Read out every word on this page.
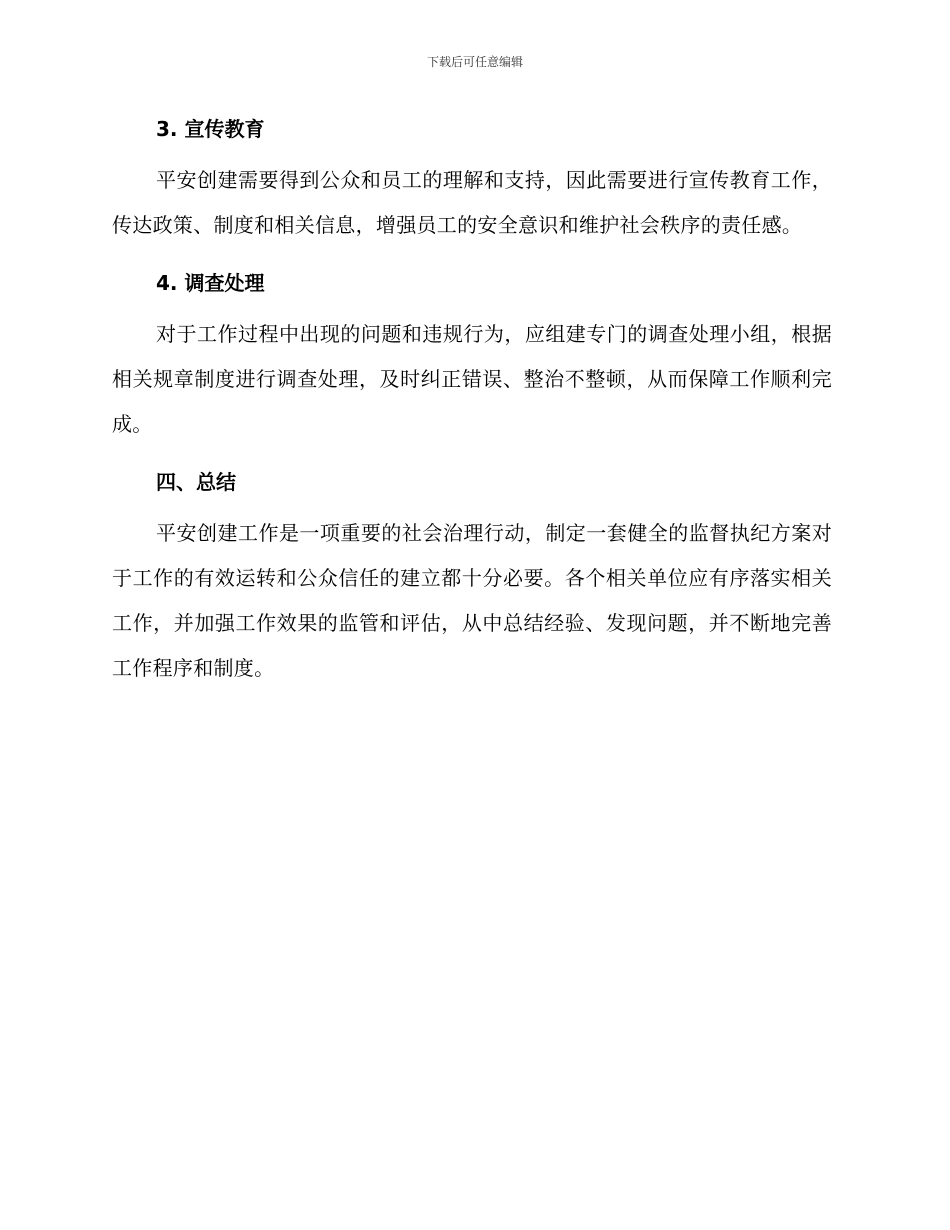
下载后可任意编辑
3. 宣传教育

平安创建需要得到公众和员工的理解和支持，因此需要进行宣传教育工作，传达政策、制度和相关信息，增强员工的安全意识和维护社会秩序的责任感。

4. 调查处理

对于工作过程中出现的问题和违规行为，应组建专门的调查处理小组，根据相关规章制度进行调查处理，及时纠正错误、整治不整顿，从而保障工作顺利完成。

四、总结

平安创建工作是一项重要的社会治理行动，制定一套健全的监督执纪方案对于工作的有效运转和公众信任的建立都十分必要。各个相关单位应有序落实相关工作，并加强工作效果的监管和评估，从中总结经验、发现问题，并不断地完善工作程序和制度。
